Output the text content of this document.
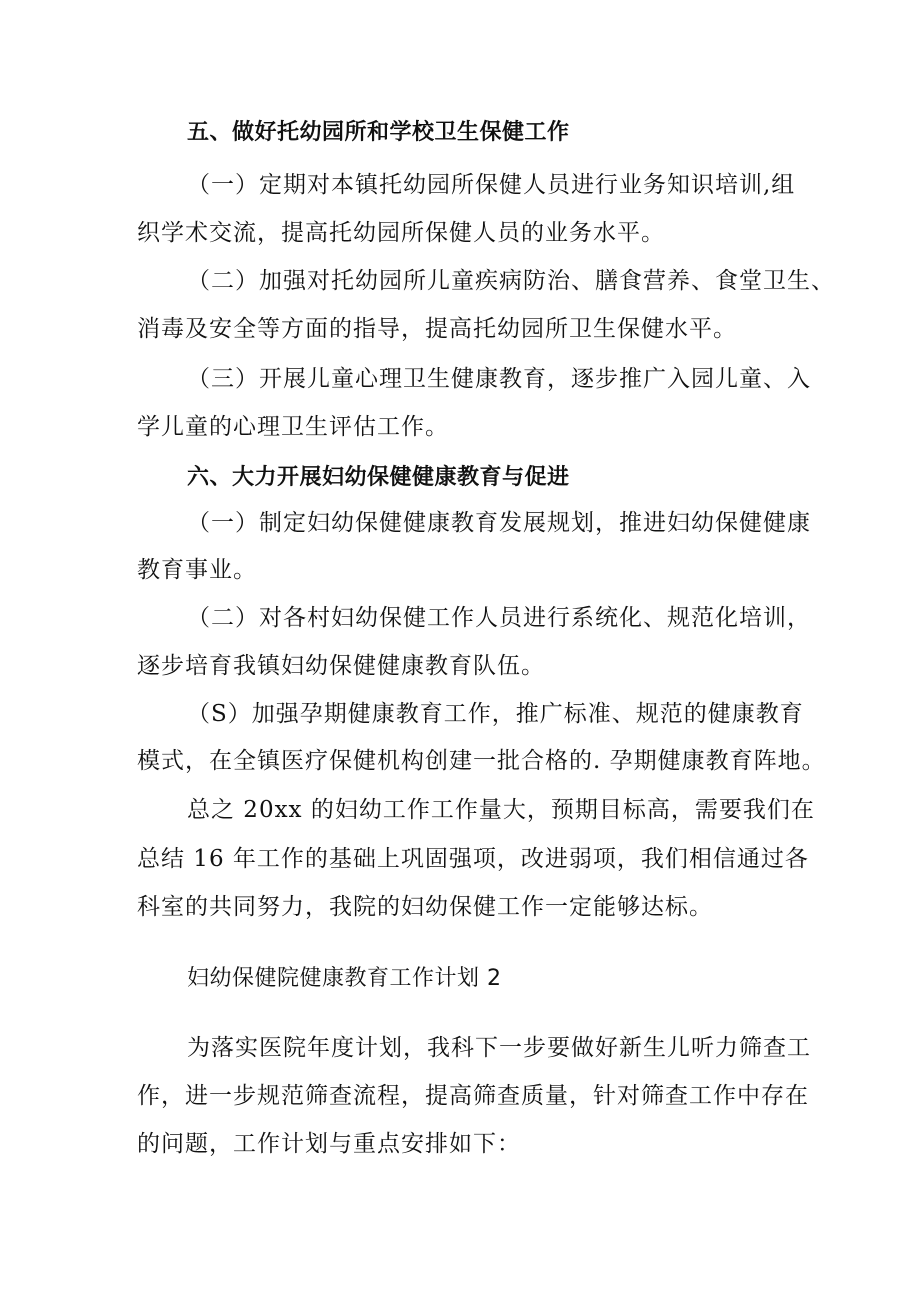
五、做好托幼园所和学校卫生保健工作
（一）定期对本镇托幼园所保健人员进行业务知识培训,组
织学术交流，提高托幼园所保健人员的业务水平。
（二）加强对托幼园所儿童疾病防治、膳食营养、食堂卫生、
消毒及安全等方面的指导，提高托幼园所卫生保健水平。
（三）开展儿童心理卫生健康教育，逐步推广入园儿童、入
学儿童的心理卫生评估工作。
六、大力开展妇幼保健健康教育与促进
（一）制定妇幼保健健康教育发展规划，推进妇幼保健健康
教育事业。
（二）对各村妇幼保健工作人员进行系统化、规范化培训，
逐步培育我镇妇幼保健健康教育队伍。
（S）加强孕期健康教育工作，推广标准、规范的健康教育
模式，在全镇医疗保健机构创建一批合格的. 孕期健康教育阵地。
总之 20xx 的妇幼工作工作量大，预期目标高，需要我们在
总结 16 年工作的基础上巩固强项，改进弱项，我们相信通过各
科室的共同努力，我院的妇幼保健工作一定能够达标。
妇幼保健院健康教育工作计划 2
为落实医院年度计划，我科下一步要做好新生儿听力筛查工
作，进一步规范筛查流程，提高筛查质量，针对筛查工作中存在
的问题，工作计划与重点安排如下：
